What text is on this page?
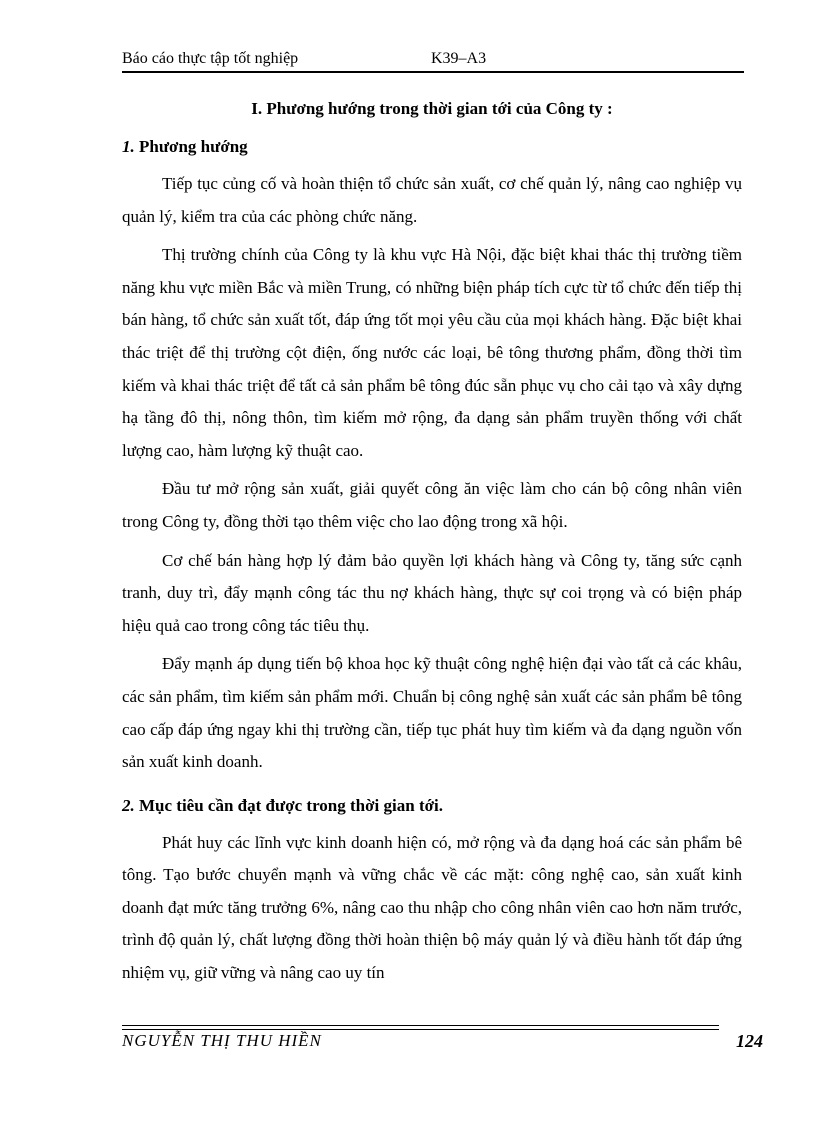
Báo cáo thực tập tốt nghiệp	K39–A3
I. Phương hướng trong thời gian tới của Công ty :
1. Phương hướng

Tiếp tục củng cố và hoàn thiện tổ chức sản xuất, cơ chế quản lý, nâng cao nghiệp vụ quản lý, kiểm tra của các phòng chức năng.

Thị trường chính của Công ty là khu vực Hà Nội, đặc biệt khai thác thị trường tiềm năng khu vực miền Bắc và miền Trung, có những biện pháp tích cực từ tổ chức đến tiếp thị bán hàng, tổ chức sản xuất tốt, đáp ứng tốt mọi yêu cầu của mọi khách hàng. Đặc biệt khai thác triệt để thị trường cột điện, ống nước các loại, bê tông thương phẩm, đồng thời tìm kiếm và khai thác triệt để tất cả sản phẩm bê tông đúc sẵn phục vụ cho cải tạo và xây dựng hạ tầng đô thị, nông thôn, tìm kiếm mở rộng, đa dạng sản phẩm truyền thống với chất lượng cao, hàm lượng kỹ thuật cao.

Đầu tư mở rộng sản xuất, giải quyết công ăn việc làm cho cán bộ công nhân viên trong Công ty, đồng thời tạo thêm việc cho lao động trong xã hội.

Cơ chế bán hàng hợp lý đảm bảo quyền lợi khách hàng và Công ty, tăng sức cạnh tranh, duy trì, đẩy mạnh công tác thu nợ khách hàng, thực sự coi trọng và có biện pháp hiệu quả cao trong công tác tiêu thụ.

Đẩy mạnh áp dụng tiến bộ khoa học kỹ thuật công nghệ hiện đại vào tất cả các khâu, các sản phẩm, tìm kiếm sản phẩm mới. Chuẩn bị công nghệ sản xuất các sản phẩm bê tông cao cấp đáp ứng ngay khi thị trường cần, tiếp tục phát huy tìm kiếm và đa dạng nguồn vốn sản xuất kinh doanh.

2. Mục tiêu cần đạt được trong thời gian tới.

Phát huy các lĩnh vực kinh doanh hiện có, mở rộng và đa dạng hoá các sản phẩm bê tông. Tạo bước chuyển mạnh và vững chắc về các mặt: công nghệ cao, sản xuất kinh doanh đạt mức tăng trưởng 6%, nâng cao thu nhập cho công nhân viên cao hơn năm trước, trình độ quản lý, chất lượng đồng thời hoàn thiện bộ máy quản lý và điều hành tốt đáp ứng nhiệm vụ, giữ vững và nâng cao uy tín

NGUYỄN THỊ THU HIỀN	124
